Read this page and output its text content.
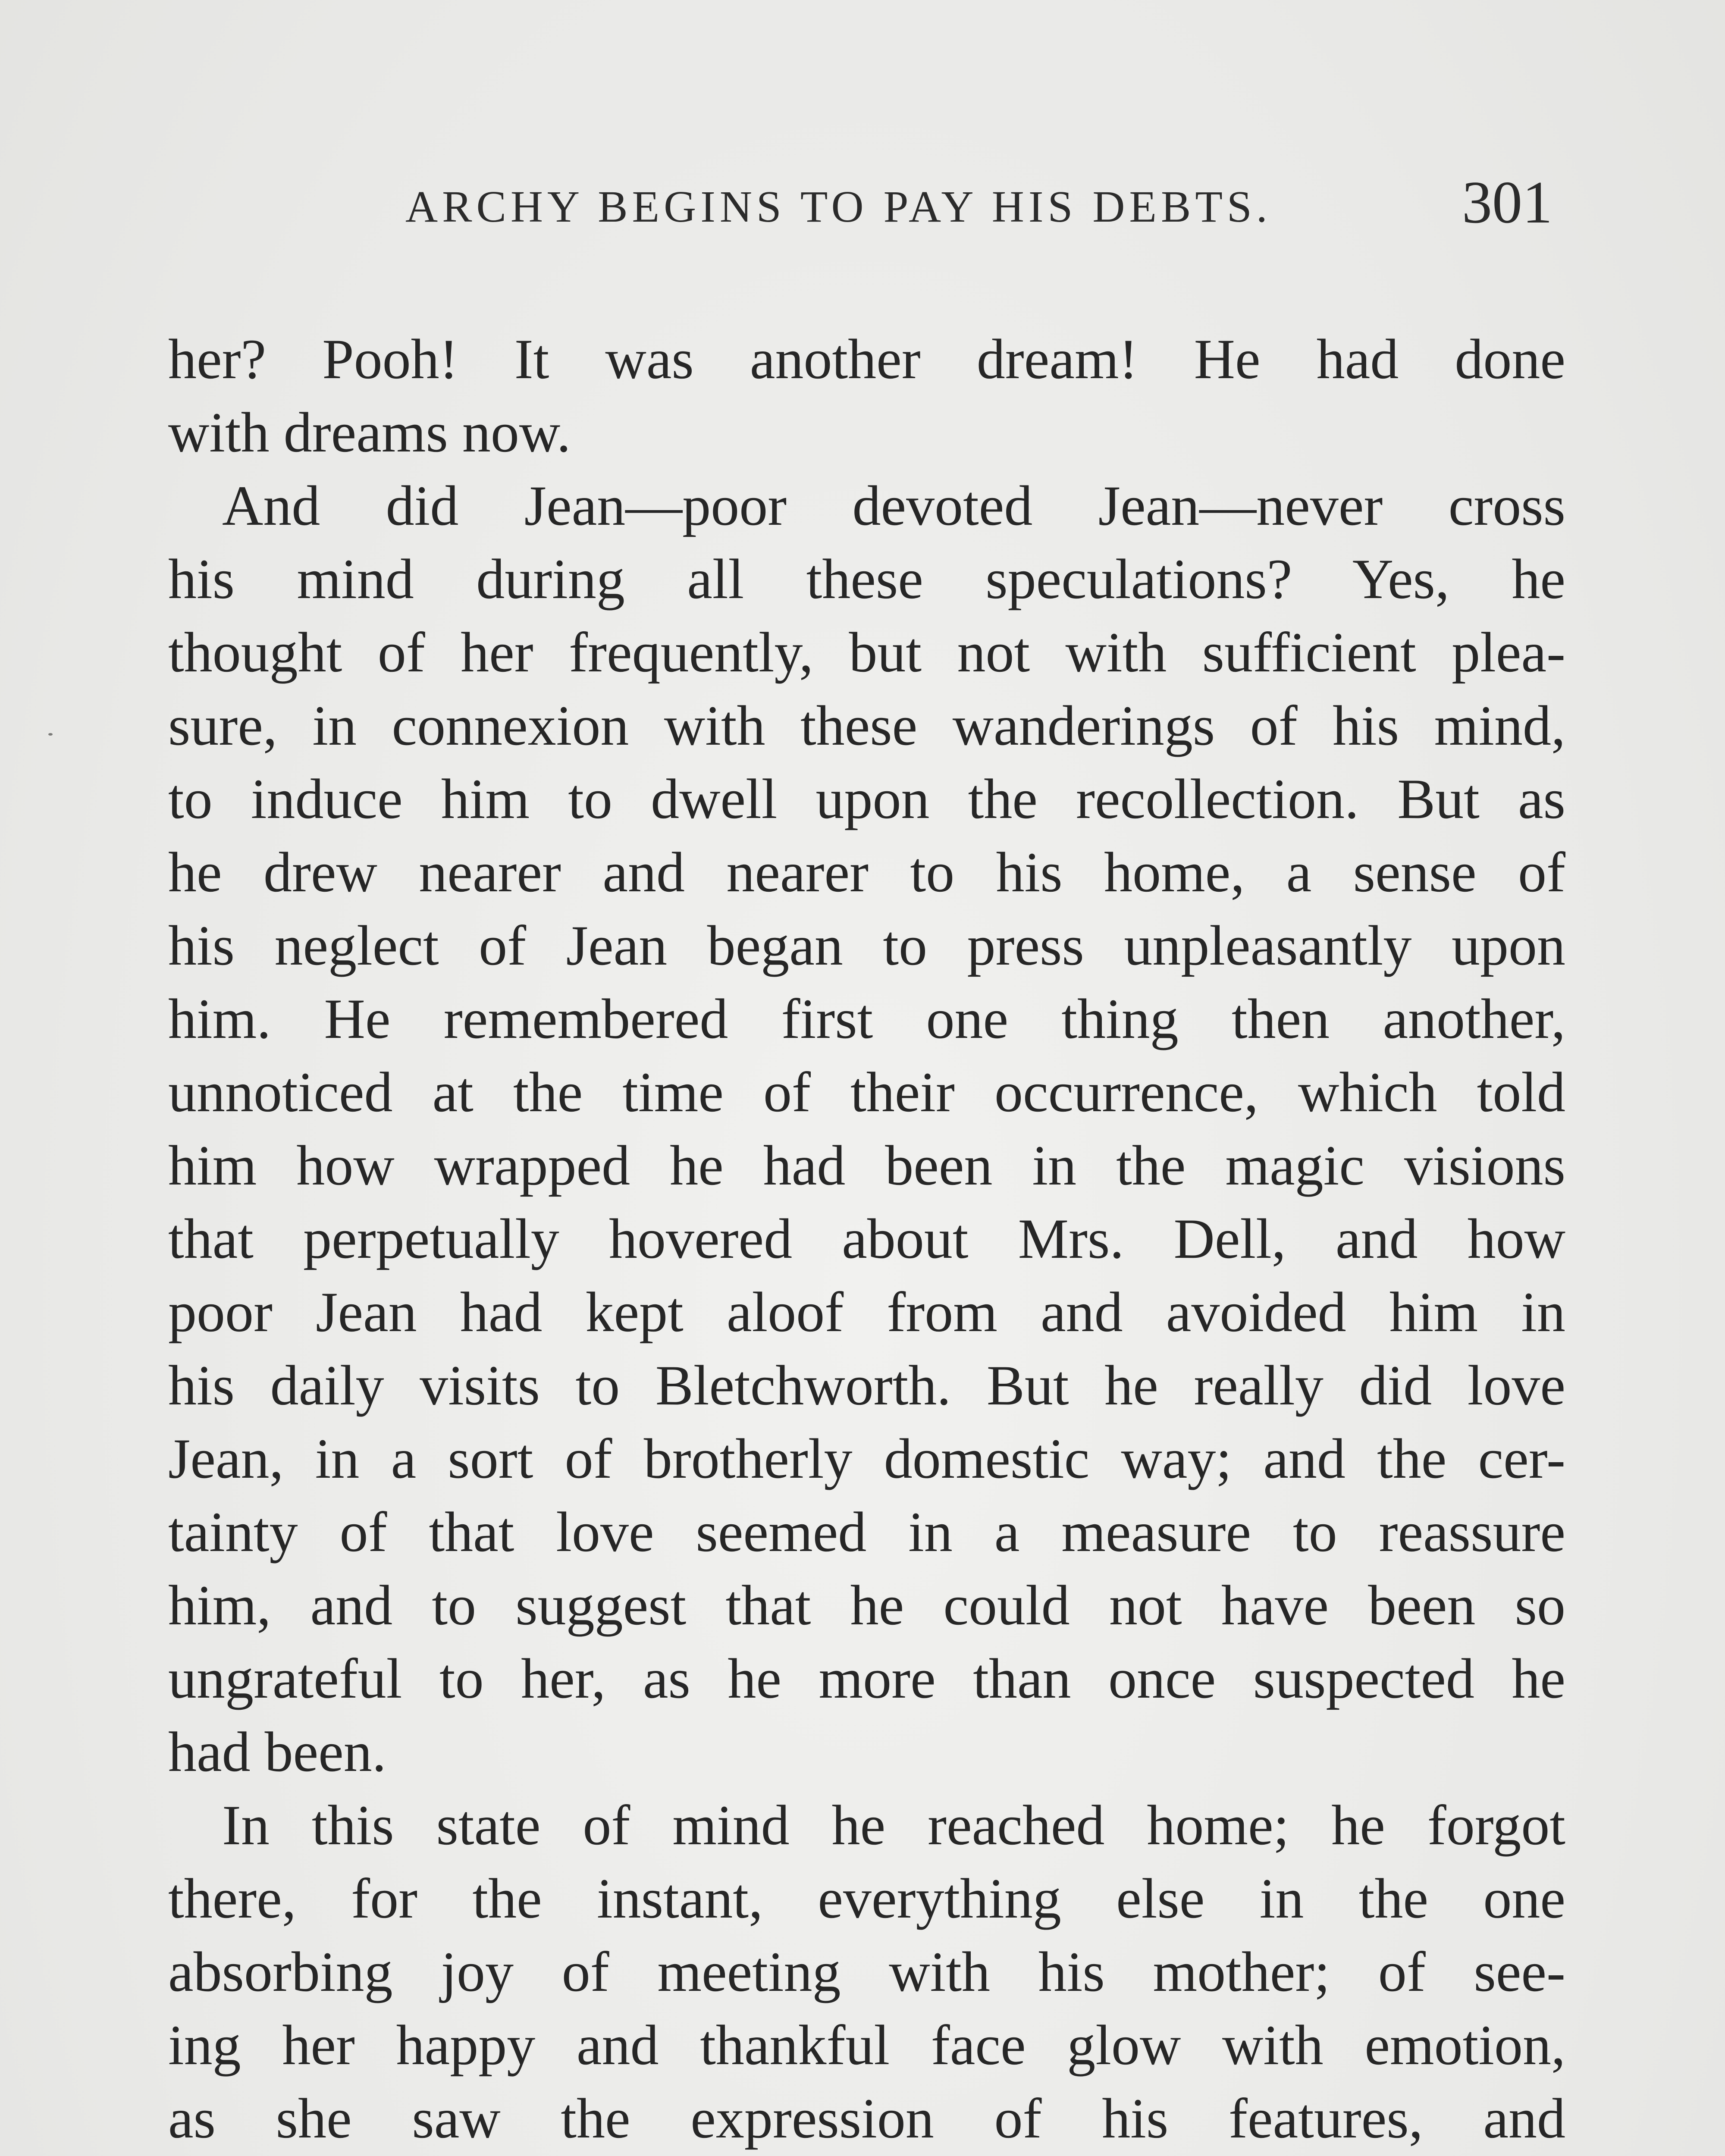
ARCHY BEGINS TO PAY HIS DEBTS.	301
her? Pooh! It was another dream! He had done
with dreams now.
And did Jean—poor devoted Jean—never cross
his mind during all these speculations? Yes, he
thought of her frequently, but not with sufficient plea-
sure, in connexion with these wanderings of his mind,
to induce him to dwell upon the recollection. But as
he drew nearer and nearer to his home, a sense of
his neglect of Jean began to press unpleasantly upon
him. He remembered first one thing then another,
unnoticed at the time of their occurrence, which told
him how wrapped he had been in the magic visions
that perpetually hovered about Mrs. Dell, and how
poor Jean had kept aloof from and avoided him in
his daily visits to Bletchworth. But he really did love
Jean, in a sort of brotherly domestic way; and the cer-
tainty of that love seemed in a measure to reassure
him, and to suggest that he could not have been so
ungrateful to her, as he more than once suspected he
had been.
In this state of mind he reached home; he forgot
there, for the instant, everything else in the one
absorbing joy of meeting with his mother; of see-
ing her happy and thankful face glow with emotion,
as she saw the expression of his features, and
